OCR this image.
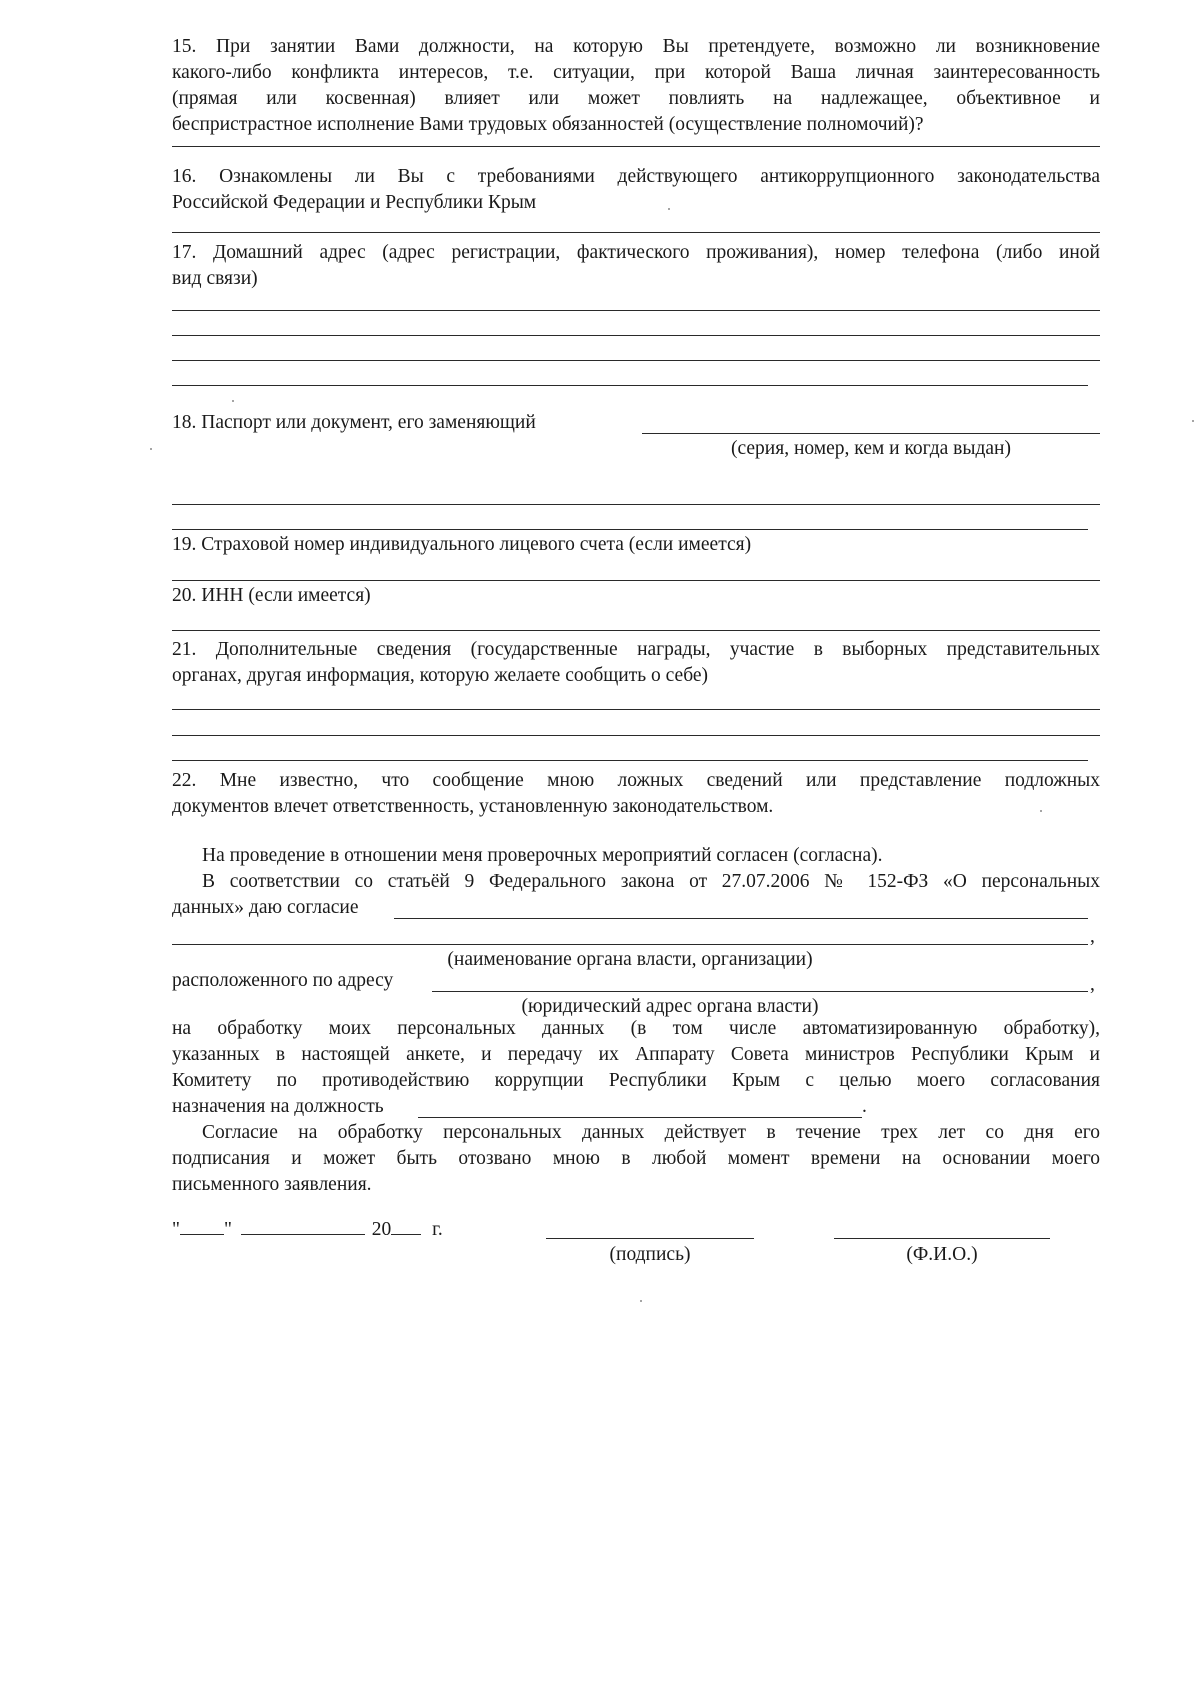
15. При занятии Вами должности, на которую Вы претендуете, возможно ли возникновение
какого-либо конфликта интересов, т.е. ситуации, при которой Ваша личная заинтересованность
(прямая или косвенная) влияет или может повлиять на надлежащее, объективное и
беспристрастное исполнение Вами трудовых обязанностей (осуществление полномочий)?
16. Ознакомлены ли Вы с требованиями действующего антикоррупционного законодательства
Российской Федерации и Республики Крым
17. Домашний адрес (адрес регистрации, фактического проживания), номер телефона (либо иной
вид связи)
18. Паспорт или документ, его заменяющий
(серия, номер, кем и когда выдан)
19. Страховой номер индивидуального лицевого счета (если имеется)
20. ИНН (если имеется)
21. Дополнительные сведения (государственные награды, участие в выборных представительных
органах, другая информация, которую желаете сообщить о себе)
22. Мне известно, что сообщение мною ложных сведений или представление подложных
документов влечет ответственность, установленную законодательством.
На проведение в отношении меня проверочных мероприятий согласен (согласна).
В соответствии со статьёй 9 Федерального закона от 27.07.2006 № 152-ФЗ «О персональных
данных» даю согласие
,
(наименование органа власти, организации)
расположенного по адресу	,
(юридический адрес органа власти)
на обработку моих персональных данных (в том числе автоматизированную обработку),
указанных в настоящей анкете, и передачу их Аппарату Совета министров Республики Крым и
Комитету по противодействию коррупции Республики Крым с целью моего согласования
назначения на должность	.
Согласие на обработку персональных данных действует в течение трех лет со дня его
подписания и может быть отозвано мною в любой момент времени на основании моего
письменного заявления.
" "	20 г.
(подпись)	(Ф.И.О.)
